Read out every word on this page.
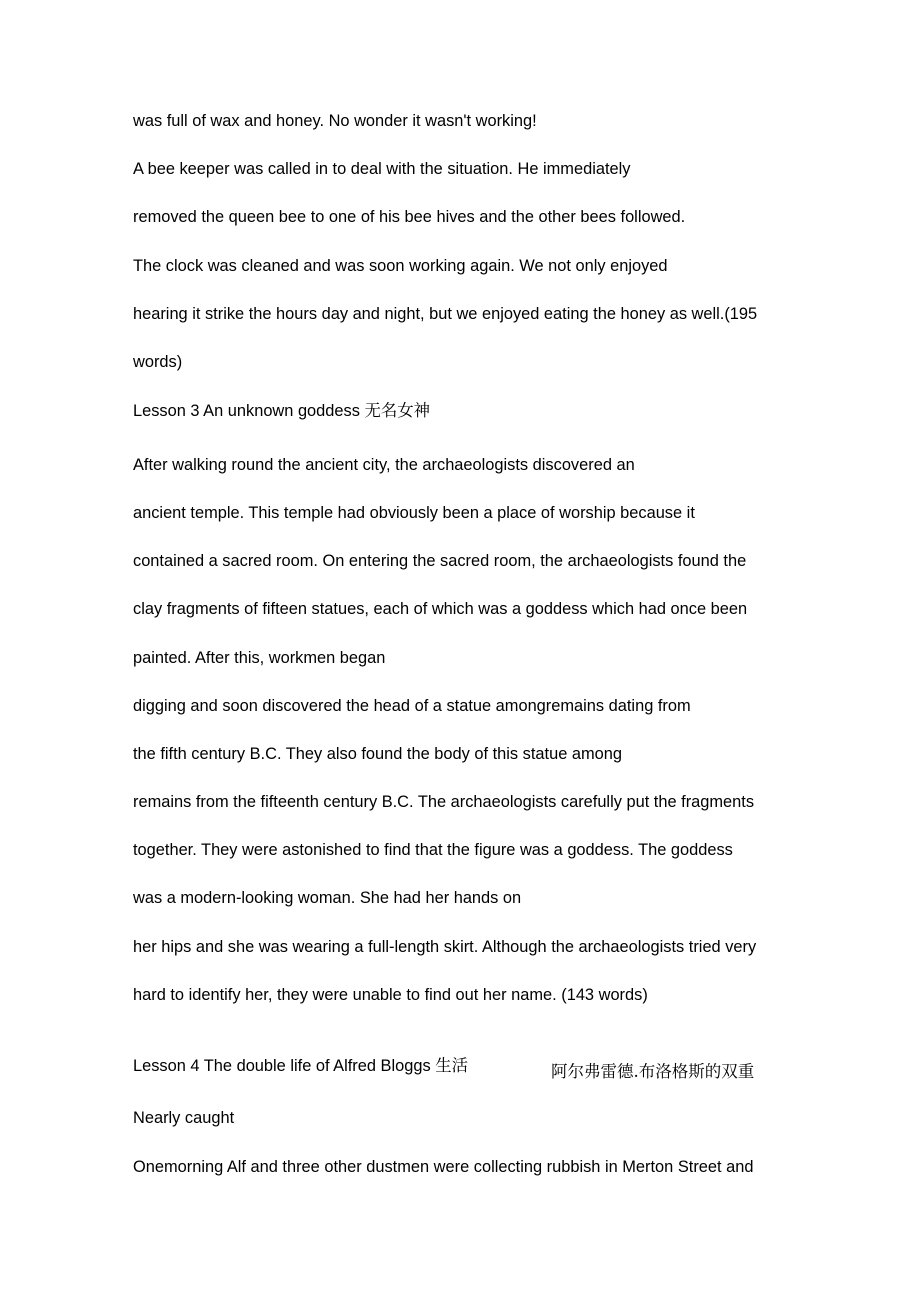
was full of wax and honey. No wonder it wasn't working!
A bee keeper was called in to deal with the situation. He immediately
removed the queen bee to one of his bee hives and the other bees followed.
The clock was cleaned and was soon working again. We not only enjoyed
hearing it strike the hours day and night, but we enjoyed eating the honey as well.(195
words)
Lesson 3 An unknown goddess 无名女神
After walking round the ancient city, the archaeologists discovered an
ancient temple. This temple had obviously been a place of worship because it
contained a sacred room. On entering the sacred room, the archaeologists found the
clay fragments of fifteen statues, each of which was a goddess which had once been
painted. After this, workmen began
digging and soon discovered the head of a statue amongremains dating from
the fifth century B.C. They also found the body of this statue among
remains from the fifteenth century B.C. The archaeologists carefully put the fragments
together. They were astonished to find that the figure was a goddess. The goddess
was a modern-looking woman. She had her hands on
her hips and she was wearing a full-length skirt. Although the archaeologists tried very
hard to identify her, they were unable to find out her name. (143 words)
Lesson 4 The double life of Alfred Bloggs 生活	阿尔弗雷德.布洛格斯的双重
Nearly caught
Onemorning Alf and three other dustmen were collecting rubbish in Merton Street and
